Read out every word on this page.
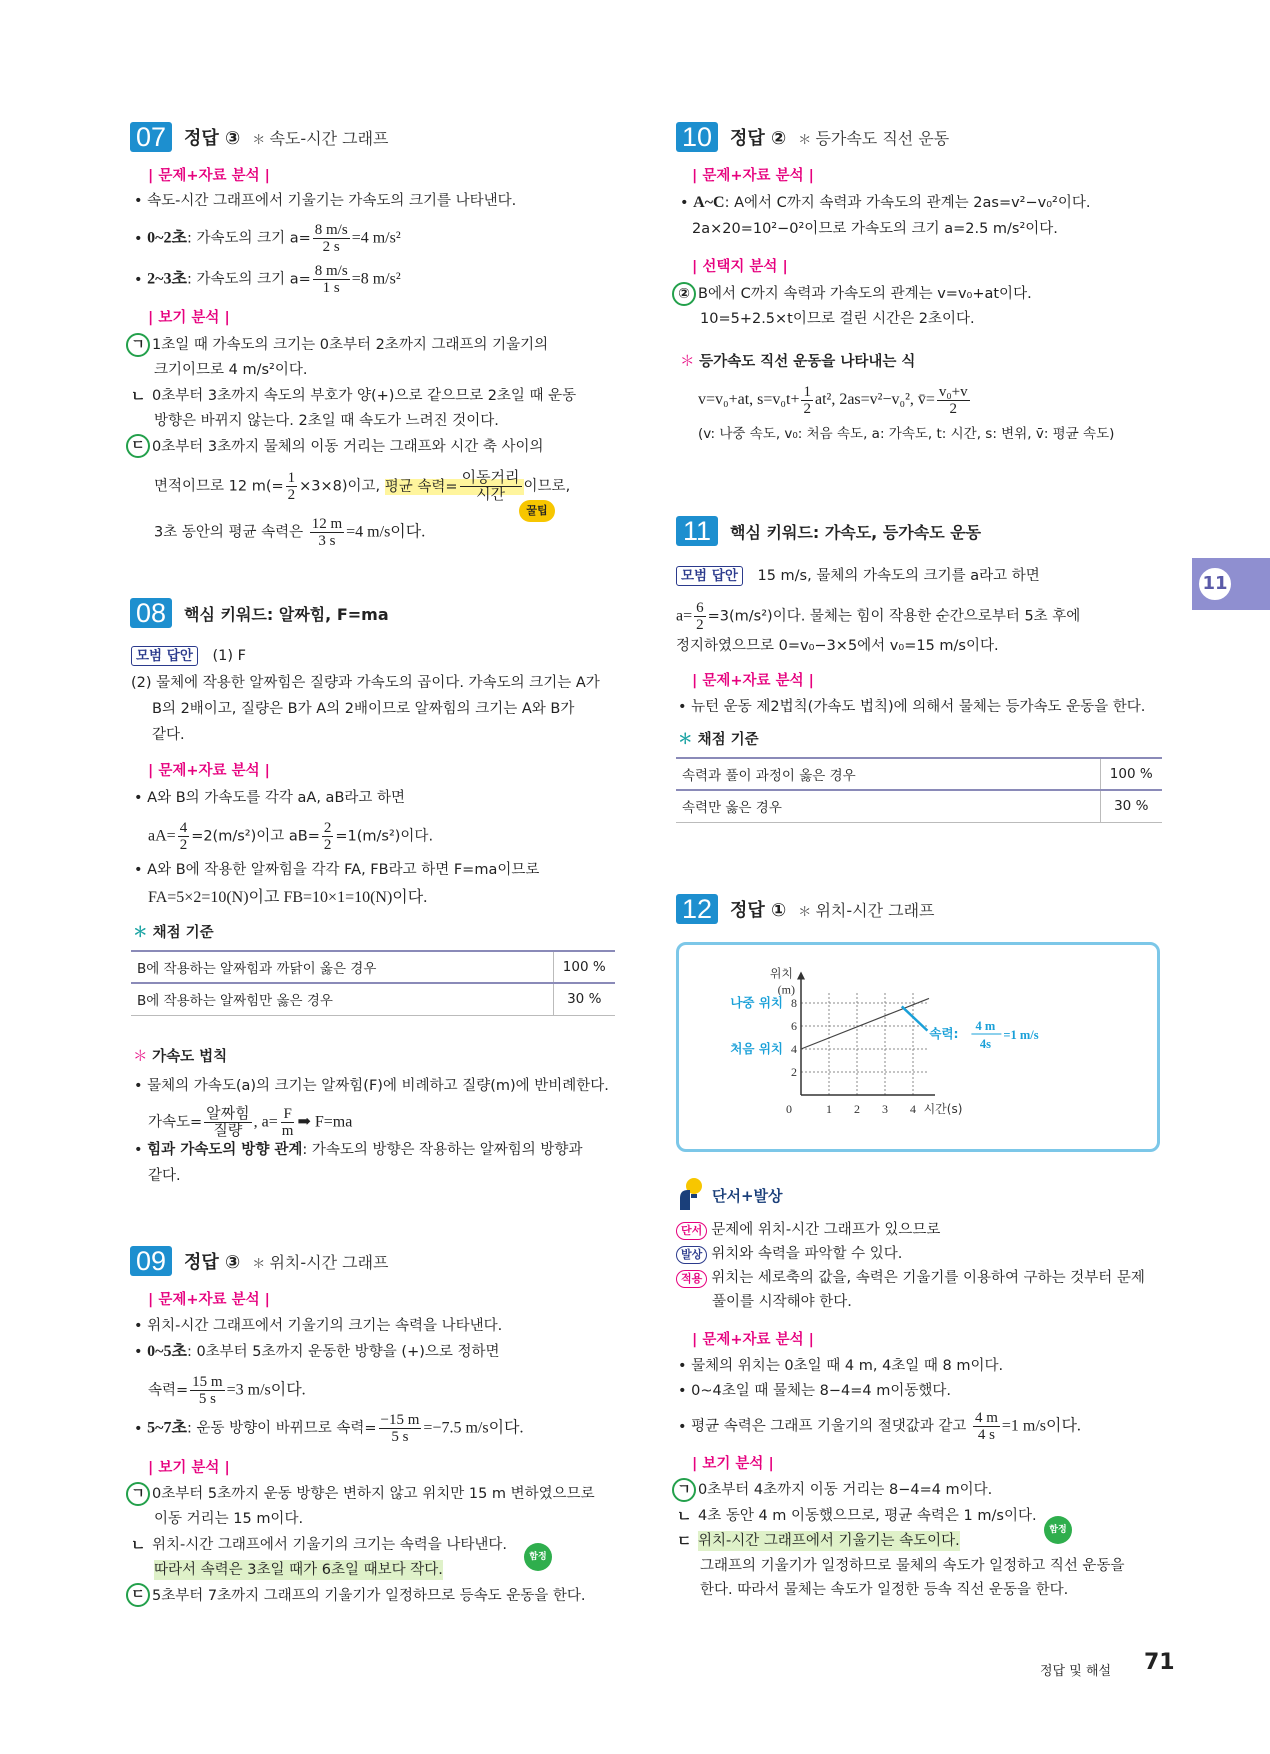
07 정답 ③	＊ 속도-시간 그래프
| 문제+자료 분석 |
• 속도-시간 그래프에서 기울기는 가속도의 크기를 나타낸다.
• 0~2초: 가속도의 크기 $a= \frac{8 m/s}{2 s} =4$ m/s²
• 2~3초: 가속도의 크기 $a= \frac{8 m/s}{1 s} =8$ m/s²
| 보기 분석 |
ㄱ 1초일 때 가속도의 크기는 0초부터 2초까지 그래프의 기울기의
크기이므로 4 m/s²이다.
ㄴ 0초부터 3초까지 속도의 부호가 양(+)으로 같으므로 2초일 때 운동
방향은 바뀌지 않는다. 2초일 때 속도가 느려진 것이다.
ㄷ 0초부터 3초까지 물체의 이동 거리는 그래프와 시간 축 사이의
면적이므로 12 $m(= \frac{1}{2} \times 3\times 8)$이고, 평균 속력= $\frac{\text{이동거리}}{\text{시간}}$ 이므로,
꿀팁
3초 동안의 평균 속력은 $\frac{12 m}{3 s} =4$ m/s이다.
08	핵심 키워드: 알짜힘, F=ma
모범 답안 (1) F
(2) 물체에 작용한 알짜힘은 질량과 가속도의 곱이다. 가속도의 크기는 A가
B의 2배이고, 질량은 B가 A의 2배이므로 알짜힘의 크기는 A와 B가
같다.
| 문제+자료 분석 |
• A와 B의 가속도를 각각 aA, aB라고 하면
$aA= \frac{4}{2} =2(m/s^2)$이고 $aB= \frac{2}{2} =1(m/s^2)$이다.
• A와 B에 작용한 알짜힘을 각각 FA, FB라고 하면 F=ma이므로
FA=5×2=10(N)이고 FB=10×1=10(N)이다.
＊ 채점 기준
B에 작용하는 알짜힘과 까닭이 옳은 경우	100 %
B에 작용하는 알짜힘만 옳은 경우	30 %
＊ 가속도 법칙
• 물체의 가속도(a)의 크기는 알짜힘(F)에 비례하고 질량(m)에 반비례한다.
가속도= $\frac{\text{알짜힘}}{\text{질량}}$ , $a= \frac{F}{m}$ ➡ F=ma
• 힘과 가속도의 방향 관계: 가속도의 방향은 작용하는 알짜힘의 방향과
같다.
09 정답 ③	＊ 위치-시간 그래프
| 문제+자료 분석 |
• 위치-시간 그래프에서 기울기의 크기는 속력을 나타낸다.
• 0~5초: 0초부터 5초까지 운동한 방향을 (+)으로 정하면
속력= $\frac{15 m}{5 s} =3$ m/s이다.
• 5~7초: 운동 방향이 바뀌므로 속력= $\frac{-15 m}{5 s} =-7.5$ m/s이다.
| 보기 분석 |
ㄱ 0초부터 5초까지 운동 방향은 변하지 않고 위치만 15 m 변하였으므로
이동 거리는 15 m이다.
ㄴ 위치-시간 그래프에서 기울기의 크기는 속력을 나타낸다.
따라서 속력은 3초일 때가 6초일 때보다 작다.
함정
ㄷ 5초부터 7초까지 그래프의 기울기가 일정하므로 등속도 운동을 한다.
10 정답 ②	＊ 등가속도 직선 운동
| 문제+자료 분석 |
• A~C: A에서 C까지 속력과 가속도의 관계는 2as=v²−v₀²이다.
2a×20=10²−0²이므로 가속도의 크기 a=2.5 m/s²이다.
| 선택지 분석 |
② B에서 C까지 속력과 가속도의 관계는 v=v₀+at이다.
10=5+2.5×t이므로 걸린 시간은 2초이다.
＊ 등가속도 직선 운동을 나타내는 식
v=v₀+at, $s=v_0t+ \frac{1}{2} at^2$, 2as=v²−v₀², v̄= $\frac{\text{v₀+v}}{2}$
(v: 나중 속도, v₀: 처음 속도, a: 가속도, t: 시간, s: 변위, v̄: 평균 속도)
11	핵심 키워드: 가속도, 등가속도 운동
모범 답안 15 m/s, 물체의 가속도의 크기를 a라고 하면
$a= \frac{6}{2} =3(m/s^2)$이다. 물체는 힘이 작용한 순간으로부터 5초 후에
정지하였으므로 0=v₀−3×5에서 v₀=15 m/s이다.
| 문제+자료 분석 |
• 뉴턴 운동 제2법칙(가속도 법칙)에 의해서 물체는 등가속도 운동을 한다.
＊ 채점 기준
속력과 풀이 과정이 옳은 경우	100 %
속력만 옳은 경우	30 %
12 정답 ①	＊ 위치-시간 그래프
0	1 2 3 4
2
4
6
8
시간(s)
위치
(m)
나중 위치
처음 위치
속력:
4 m
4s
=1 m/s
단서+발상
단서 문제에 위치-시간 그래프가 있으므로
발상 위치와 속력을 파악할 수 있다.
적용 위치는 세로축의 값을, 속력은 기울기를 이용하여 구하는 것부터 문제
풀이를 시작해야 한다.
| 문제+자료 분석 |
• 물체의 위치는 0초일 때 4 m, 4초일 때 8 m이다.
• 0~4초일 때 물체는 8−4=4 m이동했다.
• 평균 속력은 그래프 기울기의 절댓값과 같고 $\frac{4 m}{4 s} =1$ m/s이다.
| 보기 분석 |
ㄱ 0초부터 4초까지 이동 거리는 8−4=4 m이다.
ㄴ 4초 동안 4 m 이동했으므로, 평균 속력은 1 m/s이다.
함정
ㄷ 위치-시간 그래프에서 기울기는 속도이다.
그래프의 기울기가 일정하므로 물체의 속도가 일정하고 직선 운동을
한다. 따라서 물체는 속도가 일정한 등속 직선 운동을 한다.
11
정답 및 해설 71
